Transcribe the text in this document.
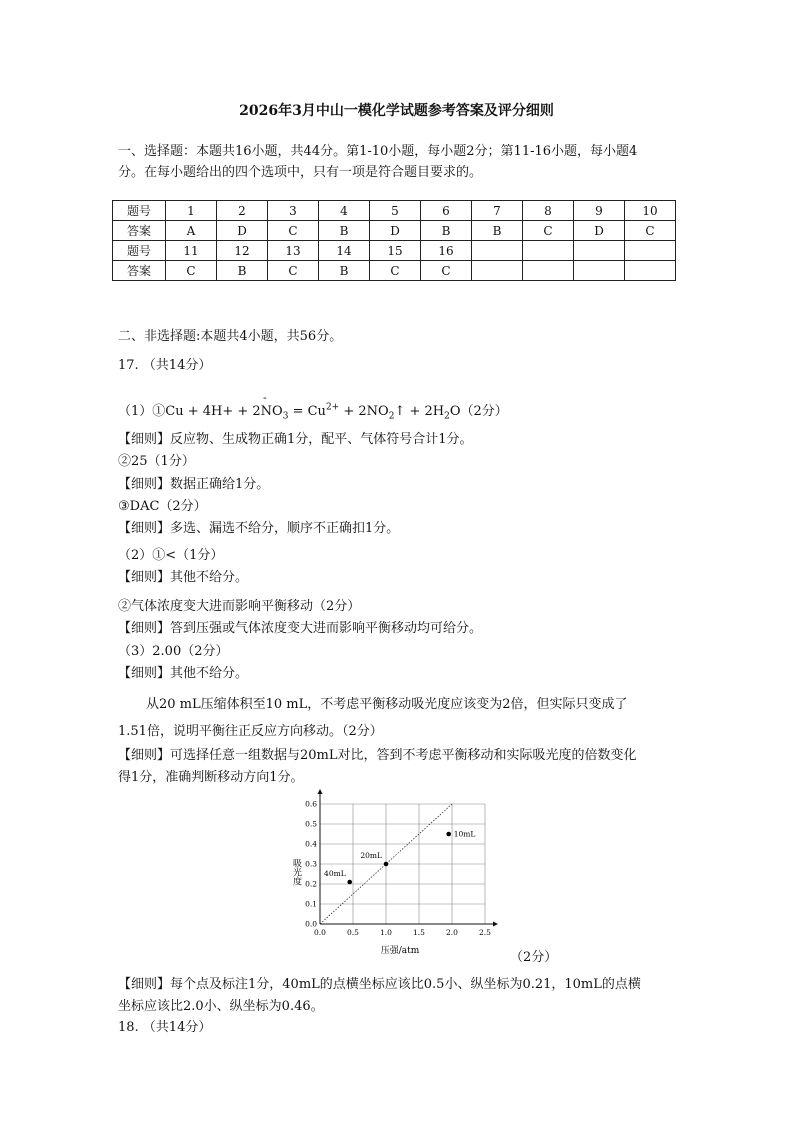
2026年3月中山一模化学试题参考答案及评分细则
一、选择题：本题共16小题，共44分。第1-10小题，每小题2分；第11-16小题，每小题4
分。在每小题给出的四个选项中，只有一项是符合题目要求的。
题号	1	2	3	4	5	6	7	8	9	10
答案	A	D	C	B	D	B	B	C	D	C
题号	11	12	13	14	15	16				
答案	C	B	C	B	C	C				
二、非选择题:本题共4小题，共56分。
17. （共14分）
-
（1）①Cu + $4H+ + 2NO_3 = Cu^{2+}$ + $2NO_2↑ + 2H_2O(2$分）
【细则】反应物、生成物正确1分，配平、气体符号合计1分。
②25（1分）
【细则】数据正确给1分。
③DAC（2分）
【细则】多选、漏选不给分，顺序不正确扣1分。
（2）①<（1分）
【细则】其他不给分。
②气体浓度变大进而影响平衡移动（2分）
【细则】答到压强或气体浓度变大进而影响平衡移动均可给分。
（3）2.00（2分）
【细则】其他不给分。
从20 mL压缩体积至10 mL，不考虑平衡移动吸光度应该变为2倍，但实际只变成了
1.51倍，说明平衡往正反应方向移动。（2分）
【细则】可选择任意一组数据与20mL对比，答到不考虑平衡移动和实际吸光度的倍数变化
得1分，准确判断移动方向1分。
0.0	0.5	1.0	1.5	2.0	2.5
0.0
0.1
0.2
0.3
0.4
0.5
0.6
40mL
20mL
10mL
压强/atm
吸光度
（2分）
【细则】每个点及标注1分，40mL的点横坐标应该比0.5小、纵坐标为0.21，10mL的点横
坐标应该比2.0小、纵坐标为0.46。
18. （共14分）
